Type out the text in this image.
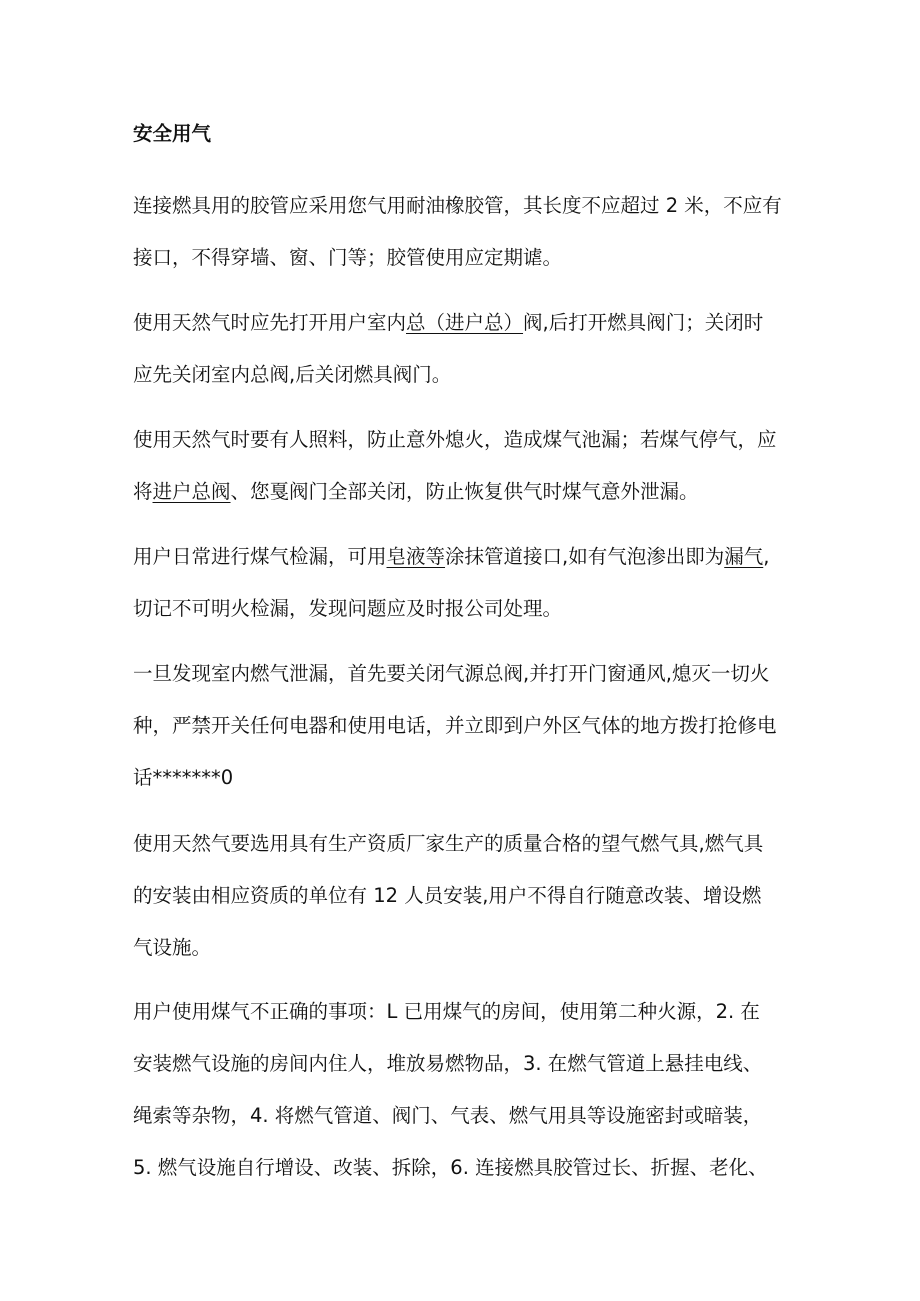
安全用气

连接燃具用的胶管应采用您气用耐油橡胶管，其长度不应超过 2 米，不应有
接口，不得穿墙、窗、门等；胶管使用应定期谑。

使用天然气时应先打开用户室内总（进户总）阀,后打开燃具阀门；关闭时
应先关闭室内总阀,后关闭燃具阀门。

使用天然气时要有人照料，防止意外熄火，造成煤气池漏；若煤气停气，应
将进户总阀、您戛阀门全部关闭，防止恢复供气时煤气意外泄漏。

用户日常进行煤气检漏，可用皂液等涂抹管道接口,如有气泡渗出即为漏气,
切记不可明火检漏，发现问题应及时报公司处理。

一旦发现室内燃气泄漏，首先要关闭气源总阀,并打开门窗通风,熄灭一切火
种，严禁开关任何电器和使用电话，并立即到户外区气体的地方拨打抢修电
话*******0

使用天然气要选用具有生产资质厂家生产的质量合格的望气燃气具,燃气具
的安装由相应资质的单位有 12 人员安装,用户不得自行随意改装、增设燃
气设施。

用户使用煤气不正确的事项：L 已用煤气的房间，使用第二种火源，2. 在
安装燃气设施的房间内住人，堆放易燃物品，3. 在燃气管道上悬挂电线、
绳索等杂物，4. 将燃气管道、阀门、气表、燃气用具等设施密封或暗装，
5. 燃气设施自行增设、改装、拆除，6. 连接燃具胶管过长、折握、老化、
